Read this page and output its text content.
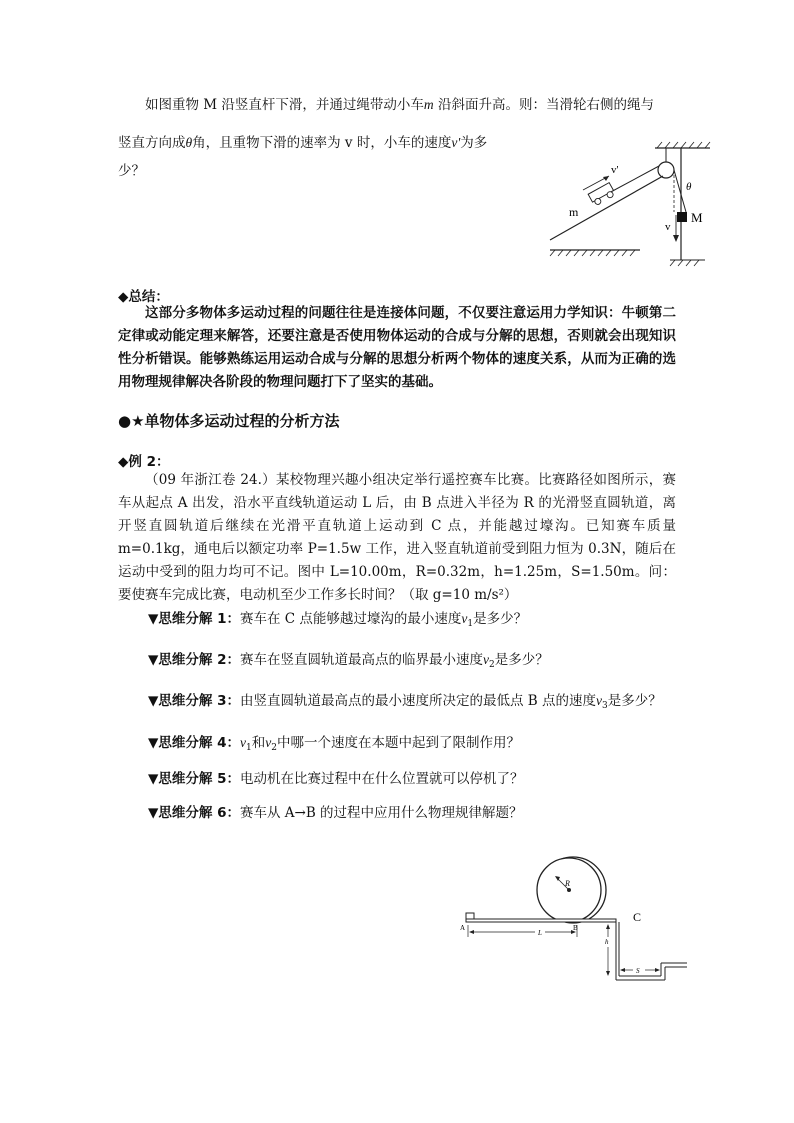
如图重物 M 沿竖直杆下滑，并通过绳带动小车m 沿斜面升高。则：当滑轮右侧的绳与
竖直方向成θ角，且重物下滑的速率为 v 时，小车的速度v'为多
少？	v'
m
θ
M
v
◆总结：
这部分多物体多运动过程的问题往往是连接体问题，不仅要注意运用力学知识：牛顿第二定律或动能定理来解答，还要注意是否使用物体运动的合成与分解的思想，否则就会出现知识性分析错误。能够熟练运用运动合成与分解的思想分析两个物体的速度关系，从而为正确的选用物理规律解决各阶段的物理问题打下了坚实的基础。
●★单物体多运动过程的分析方法
◆例 2：
（09 年浙江卷 24.）某校物理兴趣小组决定举行遥控赛车比赛。比赛路径如图所示，赛车从起点 A 出发，沿水平直线轨道运动 L 后，由 B 点进入半径为 R 的光滑竖直圆轨道，离开竖直圆轨道后继续在光滑平直轨道上运动到 C 点，并能越过壕沟。已知赛车质量 m=0.1kg，通电后以额定功率 P=1.5w 工作，进入竖直轨道前受到阻力恒为 0.3N，随后在运动中受到的阻力均可不记。图中 L=10.00m，R=0.32m，h=1.25m，S=1.50m。问：要使赛车完成比赛，电动机至少工作多长时间？（取 g=10 m/s²）
▼思维分解 1：赛车在 C 点能够越过壕沟的最小速度$v_1$是多少？
▼思维分解 2：赛车在竖直圆轨道最高点的临界最小速度$v_2$是多少？
▼思维分解 3：由竖直圆轨道最高点的最小速度所决定的最低点 B 点的速度$v_3$是多少？
▼思维分解 4：$v_1$和$v_2$中哪一个速度在本题中起到了限制作用？
▼思维分解 5：电动机在比赛过程中在什么位置就可以停机了？
▼思维分解 6：赛车从 A→B 的过程中应用什么物理规律解题？
R
C
A	B
L
h
S
